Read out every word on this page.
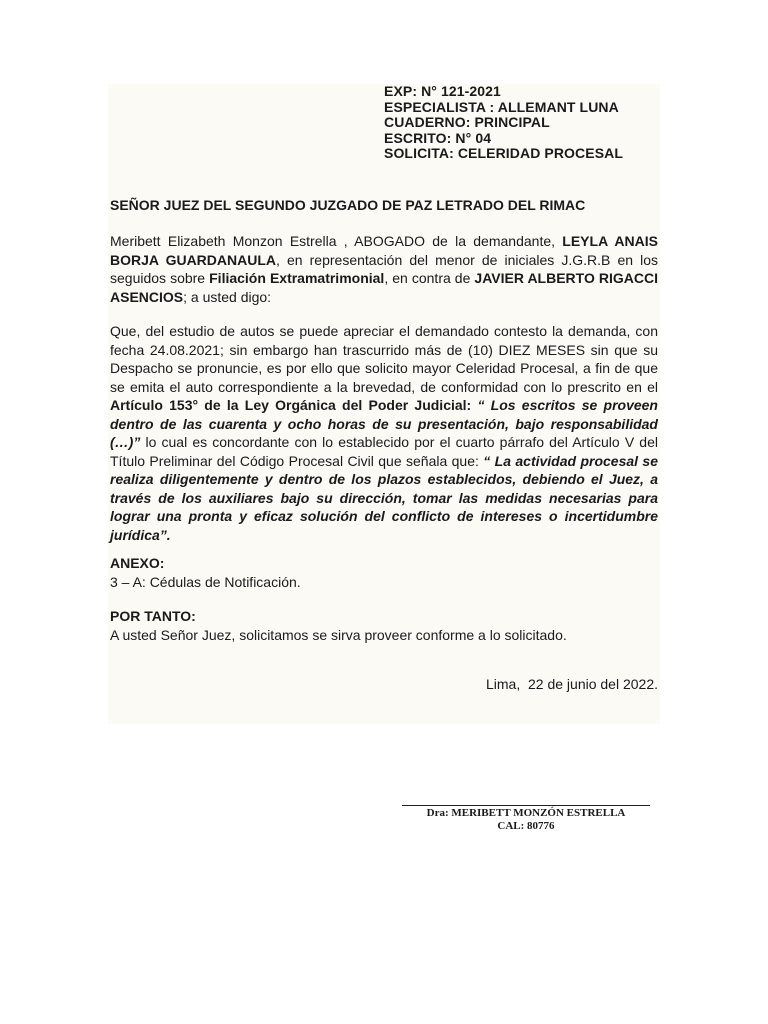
EXP: N° 121-2021
ESPECIALISTA : ALLEMANT LUNA
CUADERNO: PRINCIPAL
ESCRITO: N° 04
SOLICITA: CELERIDAD PROCESAL
SEÑOR JUEZ DEL SEGUNDO JUZGADO DE PAZ LETRADO DEL RIMAC
Meribett Elizabeth Monzon Estrella , ABOGADO de la demandante, LEYLA ANAIS BORJA GUARDANAULA, en representación del menor de iniciales J.G.R.B en los seguidos sobre Filiación Extramatrimonial, en contra de JAVIER ALBERTO RIGACCI ASENCIOS; a usted digo:
Que, del estudio de autos se puede apreciar el demandado contesto la demanda, con fecha 24.08.2021; sin embargo han trascurrido más de (10) DIEZ MESES sin que su Despacho se pronuncie, es por ello que solicito mayor Celeridad Procesal, a fin de que se emita el auto correspondiente a la brevedad, de conformidad con lo prescrito en el Artículo 153° de la Ley Orgánica del Poder Judicial: “ Los escritos se proveen dentro de las cuarenta y ocho horas de su presentación, bajo responsabilidad (…)” lo cual es concordante con lo establecido por el cuarto párrafo del Artículo V del Título Preliminar del Código Procesal Civil que señala que: “ La actividad procesal se realiza diligentemente y dentro de los plazos establecidos, debiendo el Juez, a través de los auxiliares bajo su dirección, tomar las medidas necesarias para lograr una pronta y eficaz solución del conflicto de intereses o incertidumbre jurídica”.
ANEXO:
3 – A: Cédulas de Notificación.
POR TANTO:
A usted Señor Juez, solicitamos se sirva proveer conforme a lo solicitado.
Lima,  22 de junio del 2022.
Dra: MERIBETT MONZÓN ESTRELLA
CAL: 80776
